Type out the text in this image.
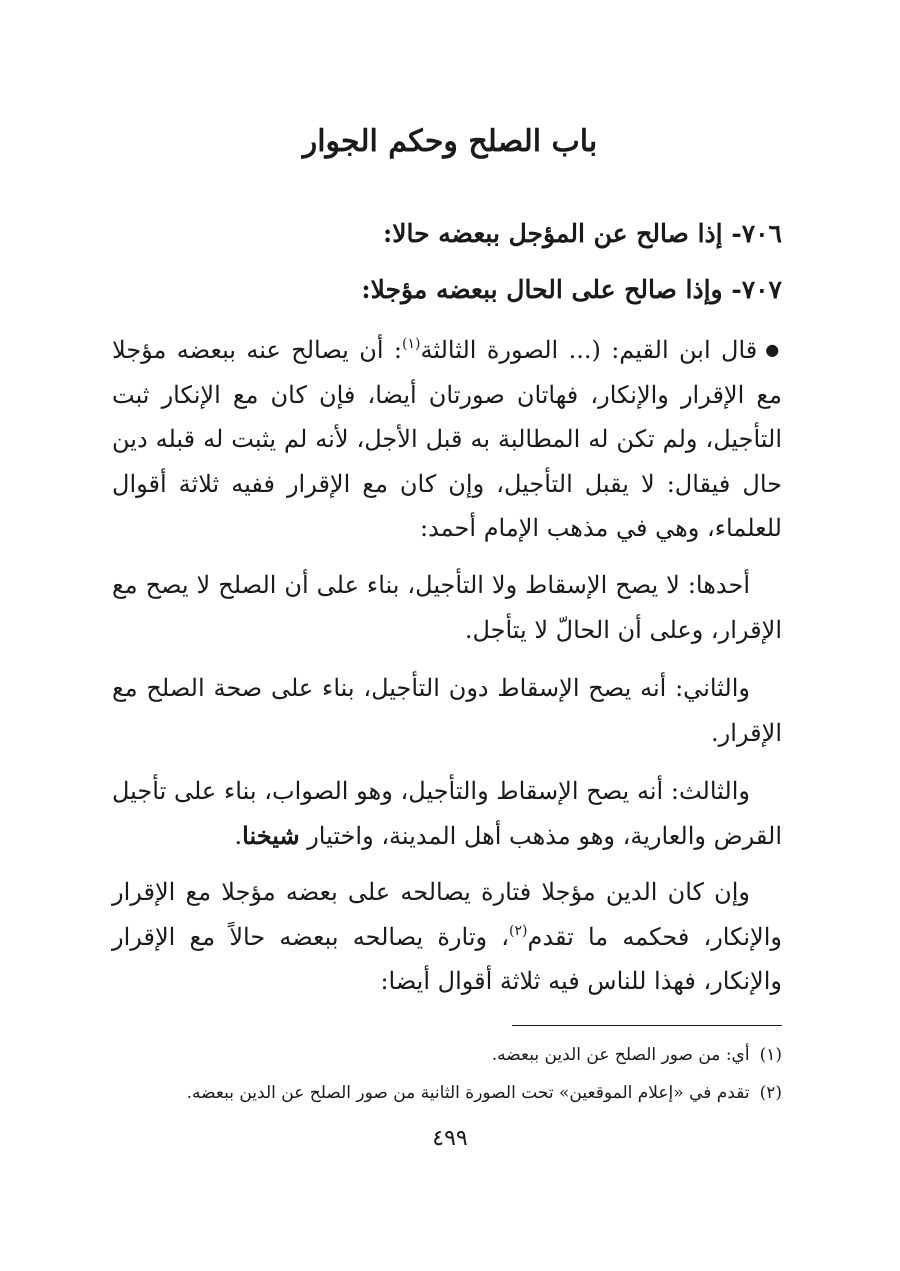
باب الصلح وحكم الجوار

٧٠٦- إذا صالح عن المؤجل ببعضه حالا:

٧٠٧- وإذا صالح على الحال ببعضه مؤجلا:

●قال ابن القيم: (... الصورة الثالثة$^{(١)}$: أن يصالح عنه ببعضه مؤجلا مع الإقرار والإنكار، فهاتان صورتان أيضا، فإن كان مع الإنكار ثبت التأجيل، ولم تكن له المطالبة به قبل الأجل، لأنه لم يثبت له قبله دين حال فيقال: لا يقبل التأجيل، وإن كان مع الإقرار ففيه ثلاثة أقوال للعلماء، وهي في مذهب الإمام أحمد:

أحدها: لا يصح الإسقاط ولا التأجيل، بناء على أن الصلح لا يصح مع الإقرار، وعلى أن الحالّ لا يتأجل.

والثاني: أنه يصح الإسقاط دون التأجيل، بناء على صحة الصلح مع الإقرار.

والثالث: أنه يصح الإسقاط والتأجيل، وهو الصواب، بناء على تأجيل القرض والعارية، وهو مذهب أهل المدينة، واختيار شيخنا.

وإن كان الدين مؤجلا فتارة يصالحه على بعضه مؤجلا مع الإقرار والإنكار، فحكمه ما تقدم$^{(٢)}$، وتارة يصالحه ببعضه حالاً مع الإقرار والإنكار، فهذا للناس فيه ثلاثة أقوال أيضا:

(١)أي: من صور الصلح عن الدين ببعضه.

(٢)تقدم في «إعلام الموقعين» تحت الصورة الثانية من صور الصلح عن الدين ببعضه.

٤٩٩
